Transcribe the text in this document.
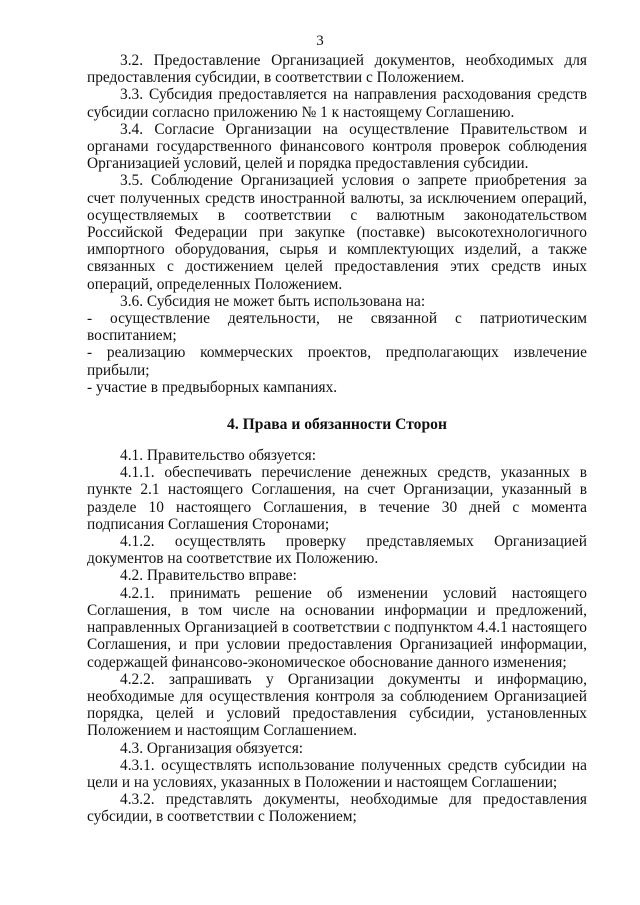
3

3.2. Предоставление Организацией документов, необходимых для предоставления субсидии, в соответствии с Положением.

3.3. Субсидия предоставляется на направления расходования средств субсидии согласно приложению № 1 к настоящему Соглашению.

3.4. Согласие Организации на осуществление Правительством и органами государственного финансового контроля проверок соблюдения Организацией условий, целей и порядка предоставления субсидии.

3.5. Соблюдение Организацией условия о запрете приобретения за счет полученных средств иностранной валюты, за исключением операций, осуществляемых в соответствии с валютным законодательством Российской Федерации при закупке (поставке) высокотехнологичного импортного оборудования, сырья и комплектующих изделий, а также связанных с достижением целей предоставления этих средств иных операций, определенных Положением.

3.6. Субсидия не может быть использована на:

- осуществление деятельности, не связанной с патриотическим воспитанием;

- реализацию коммерческих проектов, предполагающих извлечение прибыли;

- участие в предвыборных кампаниях.

4. Права и обязанности Сторон

4.1. Правительство обязуется:

4.1.1. обеспечивать перечисление денежных средств, указанных в пункте 2.1 настоящего Соглашения, на счет Организации, указанный в разделе 10 настоящего Соглашения, в течение 30 дней с момента подписания Соглашения Сторонами;

4.1.2. осуществлять проверку представляемых Организацией документов на соответствие их Положению.

4.2. Правительство вправе:

4.2.1. принимать решение об изменении условий настоящего Соглашения, в том числе на основании информации и предложений, направленных Организацией в соответствии с подпунктом 4.4.1 настоящего Соглашения, и при условии предоставления Организацией информации, содержащей финансово-экономическое обоснование данного изменения;

4.2.2. запрашивать у Организации документы и информацию, необходимые для осуществления контроля за соблюдением Организацией порядка, целей и условий предоставления субсидии, установленных Положением и настоящим Соглашением.

4.3. Организация обязуется:

4.3.1. осуществлять использование полученных средств субсидии на цели и на условиях, указанных в Положении и настоящем Соглашении;

4.3.2. представлять документы, необходимые для предоставления субсидии, в соответствии с Положением;
